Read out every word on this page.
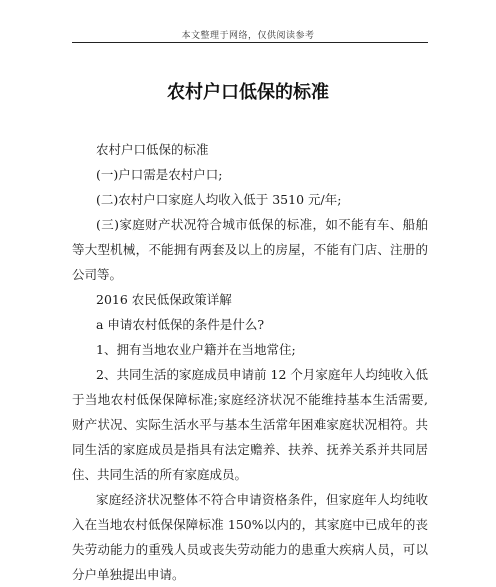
本文整理于网络，仅供阅读参考
农村户口低保的标准

农村户口低保的标准

(一)户口需是农村户口;

(二)农村户口家庭人均收入低于 3510 元/年;

(三)家庭财产状况符合城市低保的标准，如不能有车、船舶等大型机械，不能拥有两套及以上的房屋，不能有门店、注册的公司等。

2016 农民低保政策详解

a 申请农村低保的条件是什么?

1、拥有当地农业户籍并在当地常住;

2、共同生活的家庭成员申请前 12 个月家庭年人均纯收入低于当地农村低保保障标准;家庭经济状况不能维持基本生活需要,财产状况、实际生活水平与基本生活常年困难家庭状况相符。共同生活的家庭成员是指具有法定赡养、扶养、抚养关系并共同居住、共同生活的所有家庭成员。

家庭经济状况整体不符合申请资格条件，但家庭年人均纯收入在当地农村低保保障标准 150%以内的，其家庭中已成年的丧失劳动能力的重残人员或丧失劳动能力的患重大疾病人员，可以分户单独提出申请。
